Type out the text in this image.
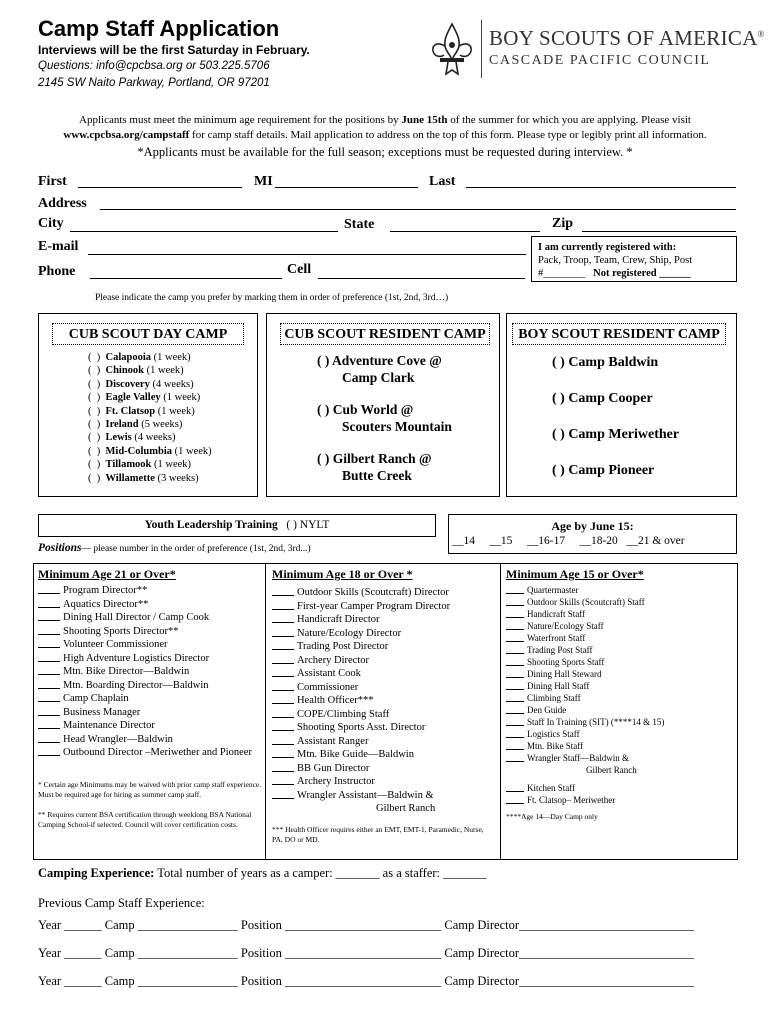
Camp Staff Application
Interviews will be the first Saturday in February.
Questions: info@cpcbsa.org or 503.225.5706
2145 SW Naito Parkway, Portland, OR 97201
BOY SCOUTS OF AMERICA®
CASCADE PACIFIC COUNCIL
Applicants must meet the minimum age requirement for the positions by June 15th of the summer for which you are applying. Please visit
www.cpcbsa.org/campstaff for camp staff details. Mail application to address on the top of this form. Please type or legibly print all information.
*Applicants must be available for the full season; exceptions must be requested during interview. *
First	MI	Last
Address
City	State	Zip
E-mail
Phone	Cell
I am currently registered with:
Pack, Troop, Team, Crew, Ship, Post
#________ Not registered ______
Please indicate the camp you prefer by marking them in order of preference (1st, 2nd, 3rd…)
CUB SCOUT DAY CAMP
(  )  Calapooia (1 week)
(  )  Chinook (1 week)
(  )  Discovery (4 weeks)
(  )  Eagle Valley (1 week)
(  )  Ft. Clatsop (1 week)
(  )  Ireland (5 weeks)
(  )  Lewis (4 weeks)
(  )  Mid-Columbia (1 week)
(  )  Tillamook (1 week)
(  )  Willamette (3 weeks)
CUB SCOUT RESIDENT CAMP
( ) Adventure Cove @
Camp Clark
( ) Cub World @
Scouters Mountain
( ) Gilbert Ranch @
Butte Creek
BOY SCOUT RESIDENT CAMP
( ) Camp Baldwin
( ) Camp Cooper
( ) Camp Meriwether
( ) Camp Pioneer
Youth Leadership Training ( ) NYLT
Positions— please number in the order of preference (1st, 2nd, 3rd...)
Age by June 15:
__14 __15 __16-17 __18-20 __21 & over
Minimum Age 21 or Over*
Program Director**
Aquatics Director**
Dining Hall Director / Camp Cook
Shooting Sports Director**
Volunteer Commissioner
High Adventure Logistics Director
Mtn. Bike Director—Baldwin
Mtn. Boarding Director—Baldwin
Camp Chaplain
Business Manager
Maintenance Director
Head Wrangler—Baldwin
Outbound Director –Meriwether and Pioneer
* Certain age Minimums may be waived with prior camp staff experience. Must be required age for hiring as summer camp staff.
** Requires current BSA certification through weeklong BSA National Camping School-if selected. Council will cover certification costs.
Minimum Age 18 or Over *
Outdoor Skills (Scoutcraft) Director
First-year Camper Program Director
Handicraft Director
Nature/Ecology Director
Trading Post Director
Archery Director
Assistant Cook
Commissioner
Health Officer***
COPE/Climbing Staff
Shooting Sports Asst. Director
Assistant Ranger
Mtn. Bike Guide—Baldwin
BB Gun Director
Archery Instructor
Wrangler Assistant—Baldwin &
Gilbert Ranch
*** Health Officer requires either an EMT, EMT-1, Paramedic, Nurse, PA, DO or MD.
Minimum Age 15 or Over*
Quartermaster
Outdoor Skills (Scoutcraft) Staff
Handicraft Staff
Nature/Ecology Staff
Waterfront Staff
Trading Post Staff
Shooting Sports Staff
Dining Hall Steward
Dining Hall Staff
Climbing Staff
Den Guide
Staff In Training (SIT) (****14 & 15)
Logistics Staff
Mtn. Bike Staff
Wrangler Staff—Baldwin &
Gilbert Ranch
Kitchen Staff
Ft. Clatsop– Meriwether
****Age 14—Day Camp only
Camping Experience: Total number of years as a camper: _______ as a staffer: _______
Previous Camp Staff Experience:
Year ______ Camp ________________ Position _________________________ Camp Director____________________________
Year ______ Camp ________________ Position _________________________ Camp Director____________________________
Year ______ Camp ________________ Position _________________________ Camp Director____________________________
